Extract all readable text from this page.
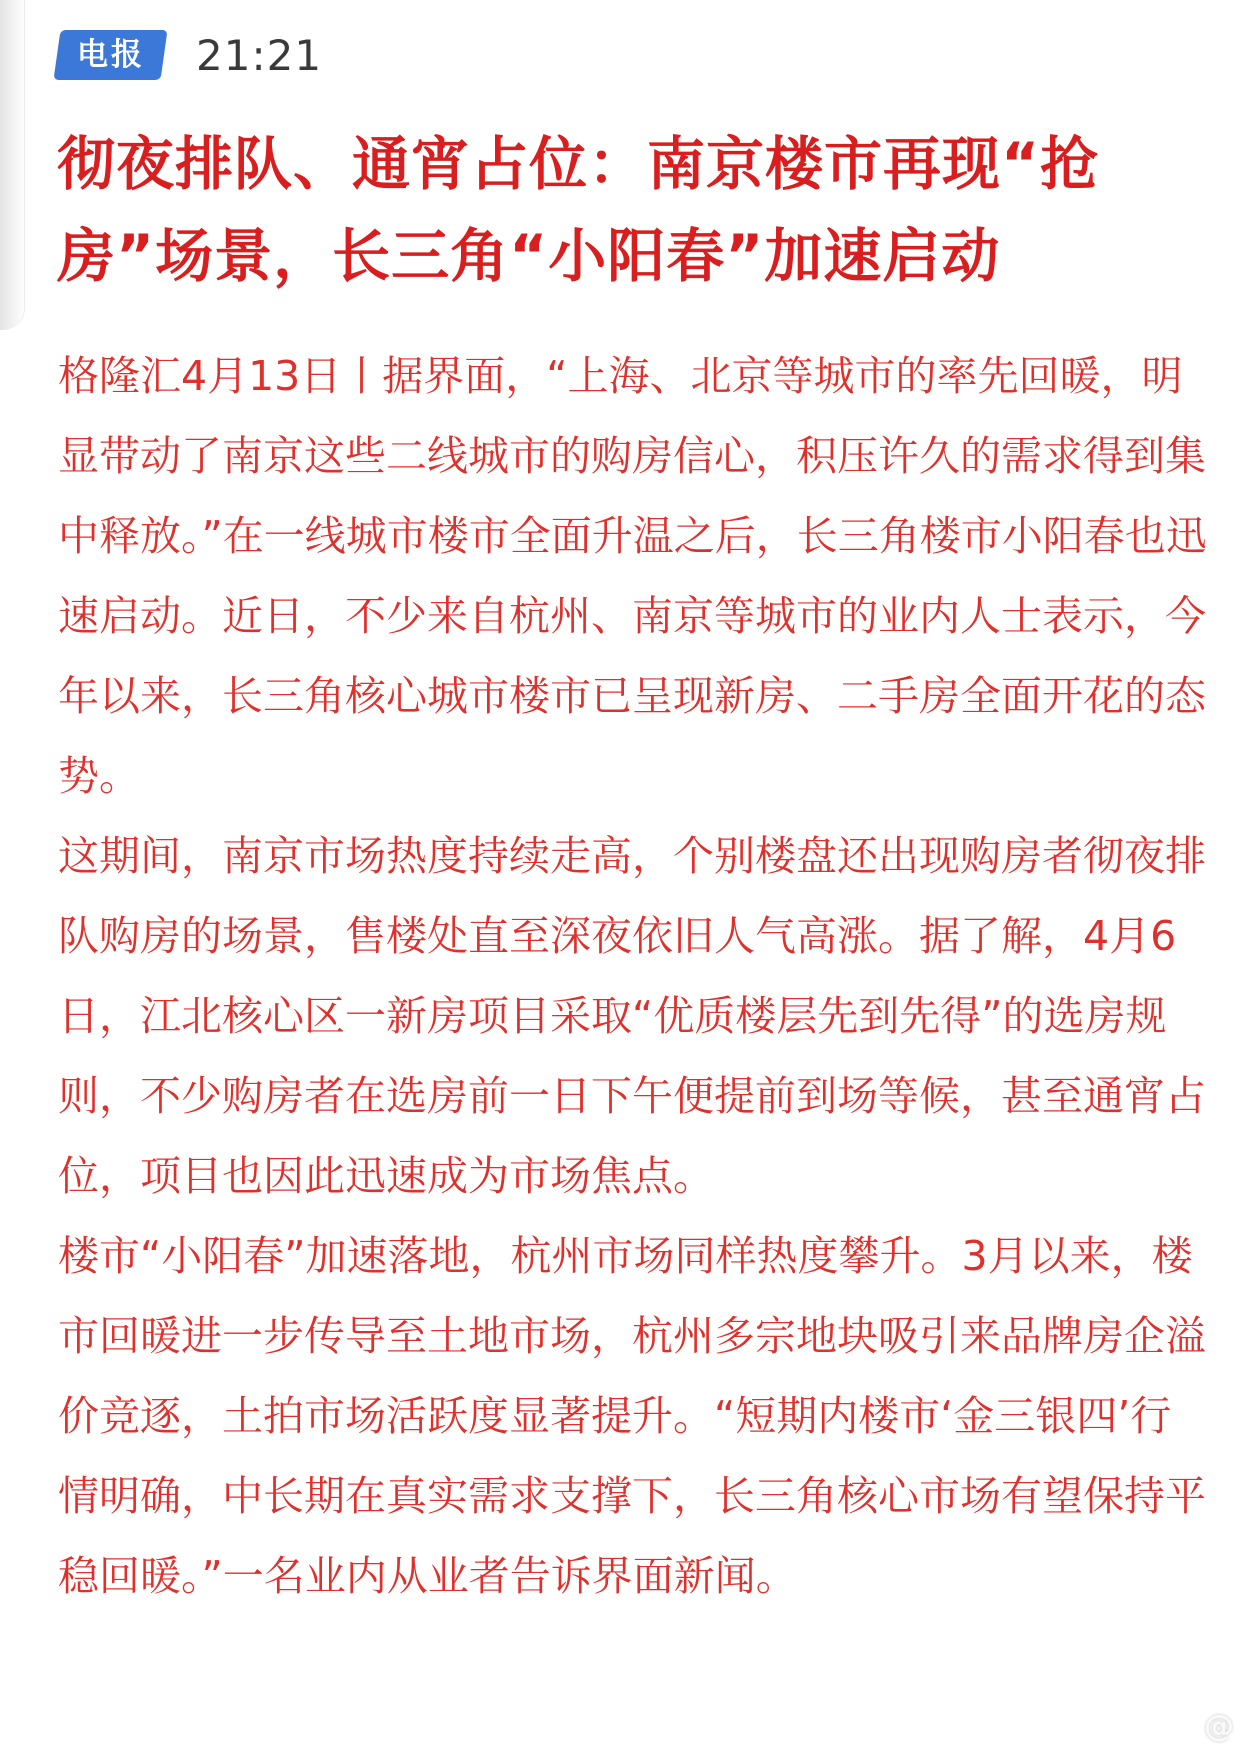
电报	21:21
彻夜排队、通宵占位：南京楼市再现“抢房”场景，长三角“小阳春”加速启动

格隆汇4月13日丨据界面，“上海、北京等城市的率先回暖，明显带动了南京这些二线城市的购房信心，积压许久的需求得到集中释放。”在一线城市楼市全面升温之后，长三角楼市小阳春也迅速启动。近日，不少来自杭州、南京等城市的业内人士表示，今年以来，长三角核心城市楼市已呈现新房、二手房全面开花的态势。

这期间，南京市场热度持续走高，个别楼盘还出现购房者彻夜排队购房的场景，售楼处直至深夜依旧人气高涨。据了解，4月6日，江北核心区一新房项目采取“优质楼层先到先得”的选房规则，不少购房者在选房前一日下午便提前到场等候，甚至通宵占位，项目也因此迅速成为市场焦点。

楼市“小阳春”加速落地，杭州市场同样热度攀升。3月以来，楼市回暖进一步传导至土地市场，杭州多宗地块吸引来品牌房企溢价竞逐，土拍市场活跃度显著提升。“短期内楼市‘金三银四’行情明确，中长期在真实需求支撑下，长三角核心市场有望保持平稳回暖。”一名业内从业者告诉界面新闻。

@
